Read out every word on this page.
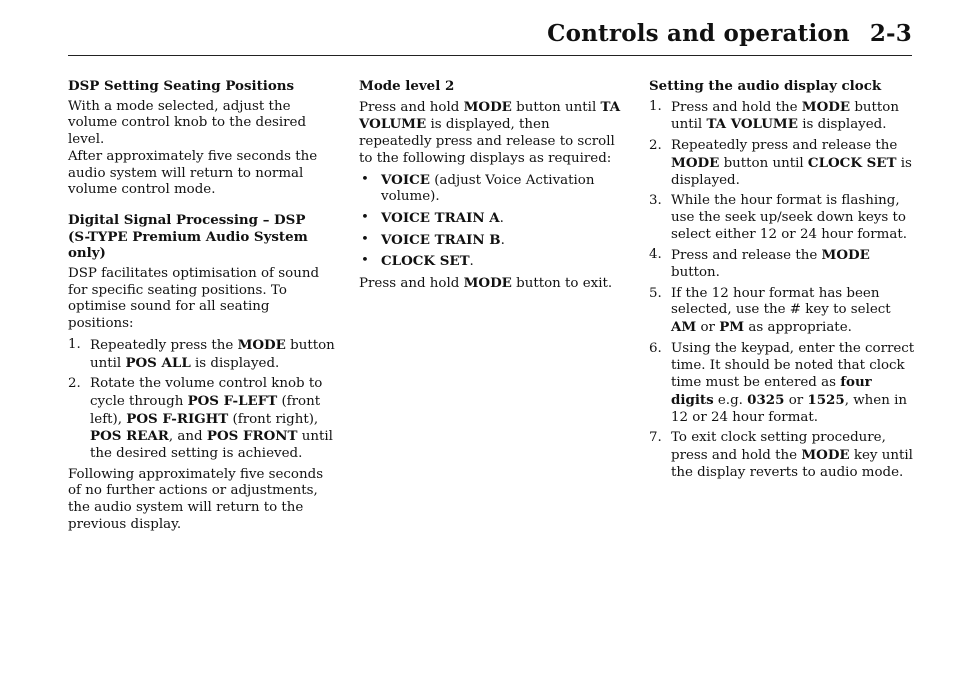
Controls and operation 2-3
DSP Setting Seating Positions

With a mode selected, adjust the volume control knob to the desired level.

After approximately five seconds the audio system will return to normal volume control mode.

Digital Signal Processing – DSP
(S-TYPE Premium Audio System only)

DSP facilitates optimisation of sound for specific seating positions. To optimise sound for all seating positions:

1. Repeatedly press the MODE button until POS ALL is displayed.
2. Rotate the volume control knob to cycle through POS F-LEFT (front left), POS F-RIGHT (front right), POS REAR, and POS FRONT until the desired setting is achieved.

Following approximately five seconds of no further actions or adjustments, the audio system will return to the previous display.

Mode level 2

Press and hold MODE button until TA VOLUME is displayed, then repeatedly press and release to scroll to the following displays as required:

• VOICE (adjust Voice Activation volume).
• VOICE TRAIN A.
• VOICE TRAIN B.
• CLOCK SET.

Press and hold MODE button to exit.

Setting the audio display clock
1. Press and hold the MODE button until TA VOLUME is displayed.
2. Repeatedly press and release the MODE button until CLOCK SET is displayed.
3. While the hour format is flashing, use the seek up/seek down keys to select either 12 or 24 hour format.
4. Press and release the MODE button.
5. If the 12 hour format has been selected, use the # key to select AM or PM as appropriate.
6. Using the keypad, enter the correct time. It should be noted that clock time must be entered as four digits e.g. 0325 or 1525, when in 12 or 24 hour format.
7. To exit clock setting procedure, press and hold the MODE key until the display reverts to audio mode.
